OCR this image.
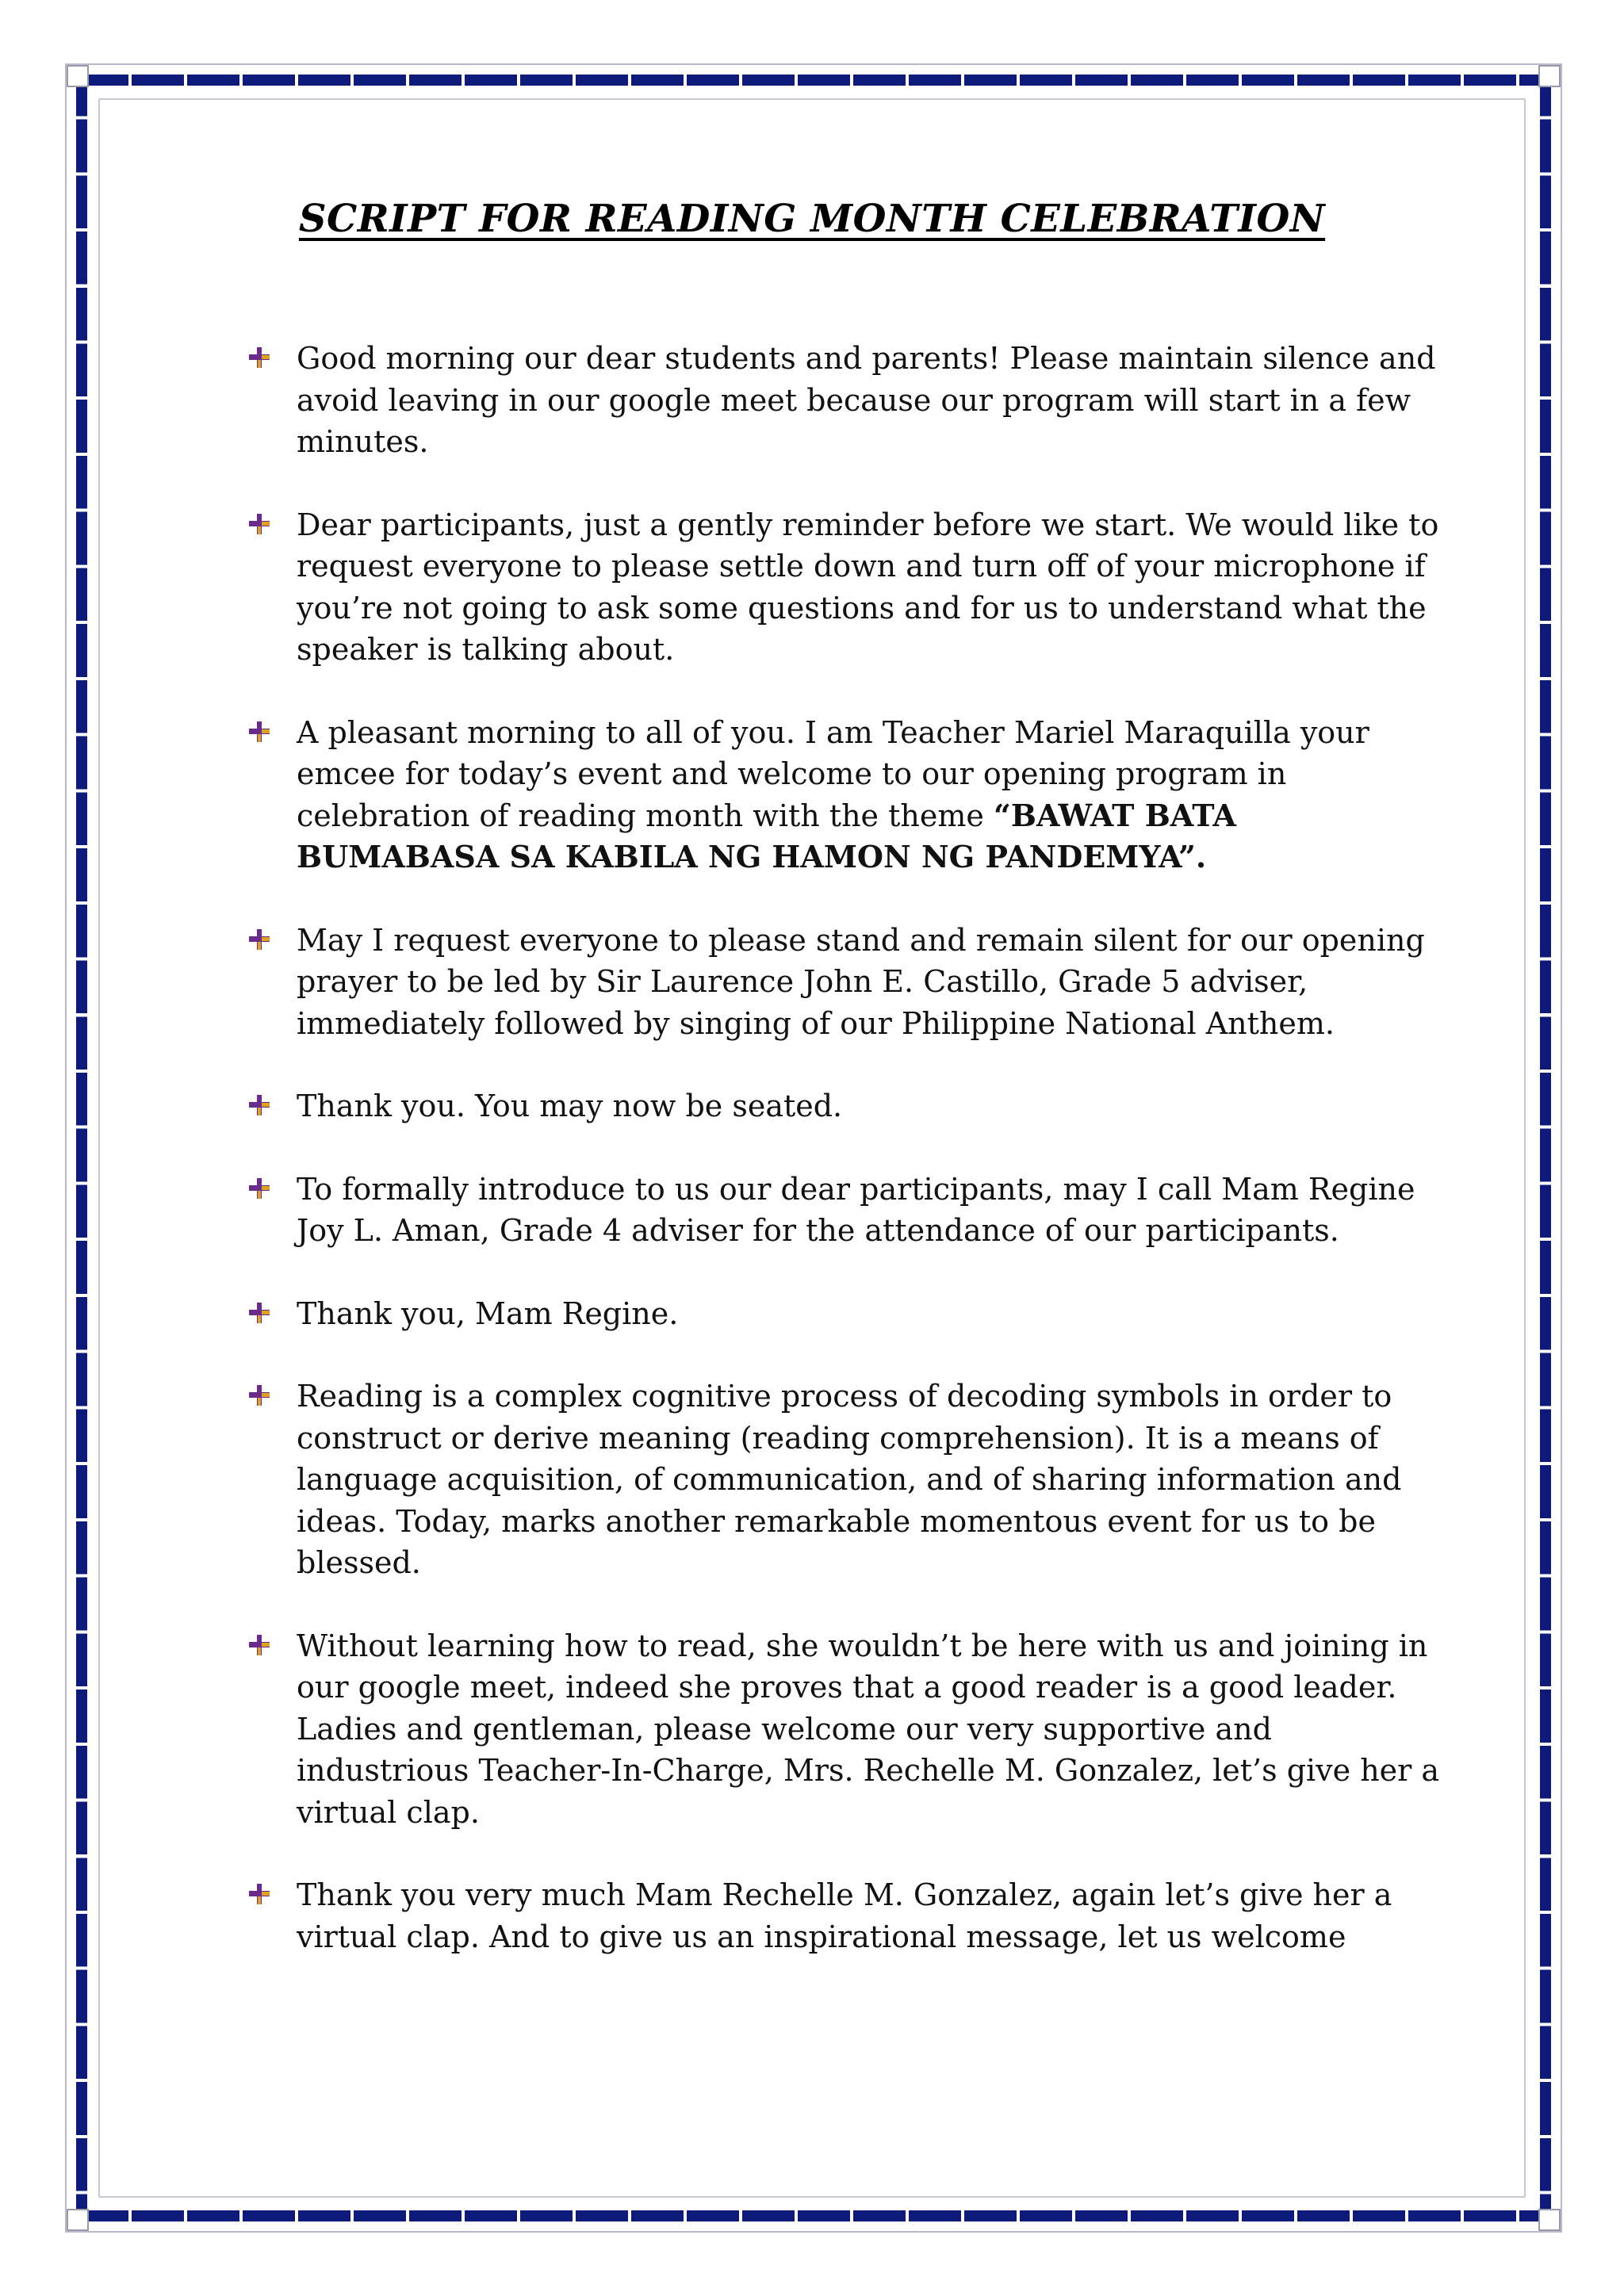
SCRIPT FOR READING MONTH CELEBRATION
Good morning our dear students and parents! Please maintain silence and avoid leaving in our google meet because our program will start in a few minutes.
Dear participants, just a gently reminder before we start. We would like to request everyone to please settle down and turn off of your microphone if you’re not going to ask some questions and for us to understand what the speaker is talking about.
A pleasant morning to all of you. I am Teacher Mariel Maraquilla your emcee for today’s event and welcome to our opening program in celebration of reading month with the theme “BAWAT BATA BUMABASA SA KABILA NG HAMON NG PANDEMYA”.
May I request everyone to please stand and remain silent for our opening prayer to be led by Sir Laurence John E. Castillo, Grade 5 adviser, immediately followed by singing of our Philippine National Anthem.
Thank you. You may now be seated.
To formally introduce to us our dear participants, may I call Mam Regine Joy L. Aman, Grade 4 adviser for the attendance of our participants.
Thank you, Mam Regine.
Reading is a complex cognitive process of decoding symbols in order to construct or derive meaning (reading comprehension). It is a means of language acquisition, of communication, and of sharing information and ideas. Today, marks another remarkable momentous event for us to be blessed.
Without learning how to read, she wouldn’t be here with us and joining in our google meet, indeed she proves that a good reader is a good leader. Ladies and gentleman, please welcome our very supportive and industrious Teacher-In-Charge, Mrs. Rechelle M. Gonzalez, let’s give her a virtual clap.
Thank you very much Mam Rechelle M. Gonzalez, again let’s give her a virtual clap. And to give us an inspirational message, let us welcome
